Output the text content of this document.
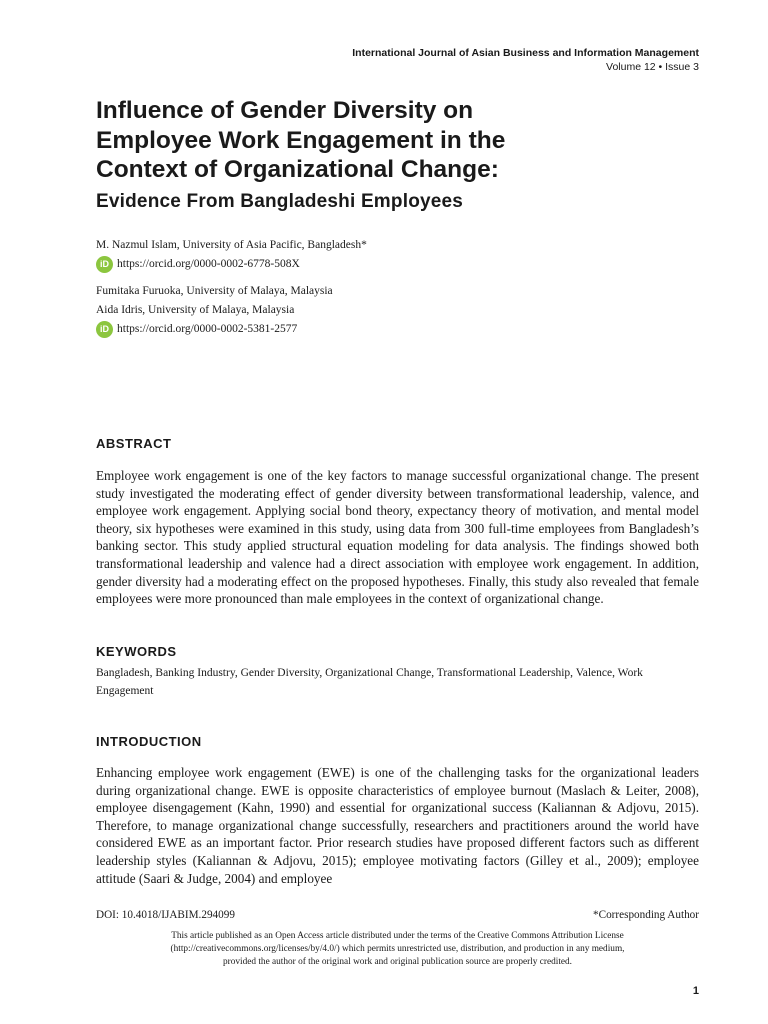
International Journal of Asian Business and Information Management
Volume 12 • Issue 3
Influence of Gender Diversity on
Employee Work Engagement in the
Context of Organizational Change:
Evidence From Bangladeshi Employees
M. Nazmul Islam, University of Asia Pacific, Bangladesh*
iD https://orcid.org/0000-0002-6778-508X
Fumitaka Furuoka, University of Malaya, Malaysia
Aida Idris, University of Malaya, Malaysia
iD https://orcid.org/0000-0002-5381-2577
ABSTRACT

Employee work engagement is one of the key factors to manage successful organizational change. The present study investigated the moderating effect of gender diversity between transformational leadership, valence, and employee work engagement. Applying social bond theory, expectancy theory of motivation, and mental model theory, six hypotheses were examined in this study, using data from 300 full-time employees from Bangladesh’s banking sector. This study applied structural equation modeling for data analysis. The findings showed both transformational leadership and valence had a direct association with employee work engagement. In addition, gender diversity had a moderating effect on the proposed hypotheses. Finally, this study also revealed that female employees were more pronounced than male employees in the context of organizational change.

KEYWORDS

Bangladesh, Banking Industry, Gender Diversity, Organizational Change, Transformational Leadership, Valence, Work Engagement

INTRODUCTION

Enhancing employee work engagement (EWE) is one of the challenging tasks for the organizational leaders during organizational change. EWE is opposite characteristics of employee burnout (Maslach & Leiter, 2008), employee disengagement (Kahn, 1990) and essential for organizational success (Kaliannan & Adjovu, 2015). Therefore, to manage organizational change successfully, researchers and practitioners around the world have considered EWE as an important factor. Prior research studies have proposed different factors such as different leadership styles (Kaliannan & Adjovu, 2015); employee motivating factors (Gilley et al., 2009); employee attitude (Saari & Judge, 2004) and employee

DOI: 10.4018/IJABIM.294099	*Corresponding Author
This article published as an Open Access article distributed under the terms of the Creative Commons Attribution License
(http://creativecommons.org/licenses/by/4.0/) which permits unrestricted use, distribution, and production in any medium,
provided the author of the original work and original publication source are properly credited.
1
